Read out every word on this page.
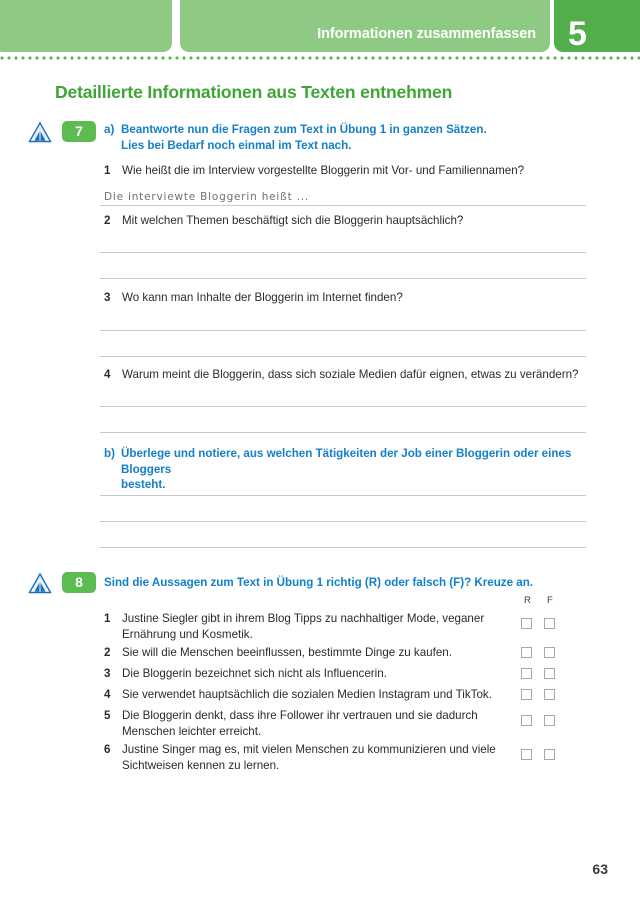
Informationen zusammenfassen 5
Detaillierte Informationen aus Texten entnehmen
7	a) Beantworte nun die Fragen zum Text in Übung 1 in ganzen Sätzen.
Lies bei Bedarf noch einmal im Text nach.
1 Wie heißt die im Interview vorgestellte Bloggerin mit Vor- und Familiennamen?
Die interviewte Bloggerin heißt ...
2 Mit welchen Themen beschäftigt sich die Bloggerin hauptsächlich?
3 Wo kann man Inhalte der Bloggerin im Internet finden?
4 Warum meint die Bloggerin, dass sich soziale Medien dafür eignen, etwas zu verändern?
b) Überlege und notiere, aus welchen Tätigkeiten der Job einer Bloggerin oder eines Bloggers
besteht.
8	Sind die Aussagen zum Text in Übung 1 richtig (R) oder falsch (F)? Kreuze an.
R F
1 Justine Siegler gibt in ihrem Blog Tipps zu nachhaltiger Mode, veganer
Ernährung und Kosmetik.
2 Sie will die Menschen beeinflussen, bestimmte Dinge zu kaufen.
3 Die Bloggerin bezeichnet sich nicht als Influencerin.
4 Sie verwendet hauptsächlich die sozialen Medien Instagram und TikTok.
5 Die Bloggerin denkt, dass ihre Follower ihr vertrauen und sie dadurch
Menschen leichter erreicht.
6 Justine Singer mag es, mit vielen Menschen zu kommunizieren und viele
Sichtweisen kennen zu lernen.
63
